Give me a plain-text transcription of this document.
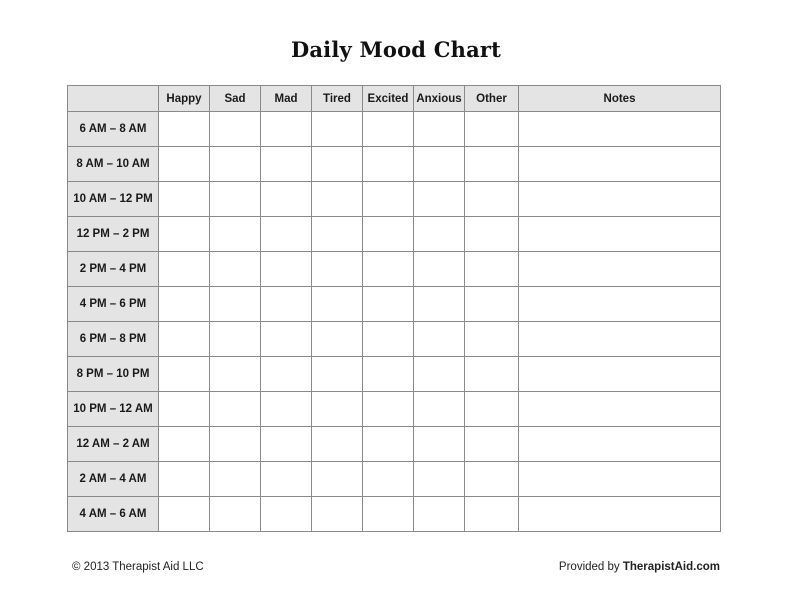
Daily Mood Chart
	Happy	Sad	Mad	Tired	Excited	Anxious	Other	Notes
6 AM – 8 AM								
8 AM – 10 AM								
10 AM – 12 PM								
12 PM – 2 PM								
2 PM – 4 PM								
4 PM – 6 PM								
6 PM – 8 PM								
8 PM – 10 PM								
10 PM – 12 AM								
12 AM – 2 AM								
2 AM – 4 AM								
4 AM – 6 AM								
© 2013 Therapist Aid LLC	Provided by TherapistAid.com
